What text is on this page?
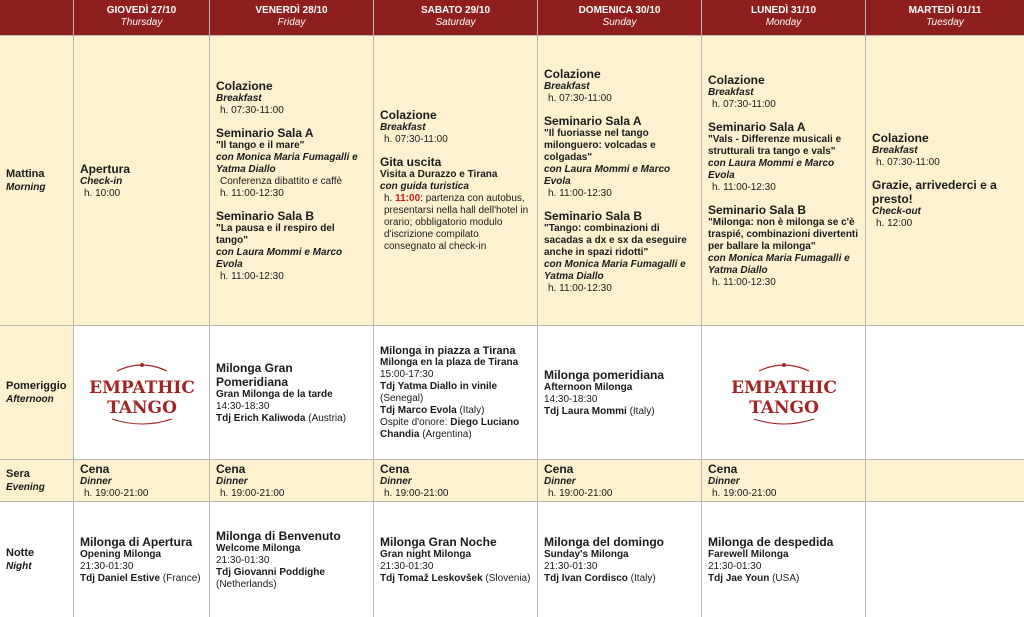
GIOVEDÌ 27/10
Thursday
VENERDÌ 28/10
Friday
SABATO 29/10
Saturday
DOMENICA 30/10
Sunday
LUNEDÌ 31/10
Monday
MARTEDÌ 01/11
Tuesday
Mattina
Morning
Apertura
Check-in
h. 10:00
Colazione
Breakfast
h. 07:30-11:00
Seminario Sala A
"Il tango e il mare"
con Monica Maria Fumagalli e Yatma Diallo
Conferenza dibattito e caffè
h. 11:00-12:30
Seminario Sala B
"La pausa e il respiro del tango"
con Laura Mommi e Marco Evola
h. 11:00-12:30
Colazione
Breakfast
h. 07:30-11:00
Gita uscita
Visita a Durazzo e Tirana
con guida turistica
h. 11:00: partenza con autobus, presentarsi nella hall dell'hotel in orario; obbligatorio modulo d'iscrizione compilato consegnato al check-in
Colazione
Breakfast
h. 07:30-11:00
Seminario Sala A
"Il fuoriasse nel tango milonguero: volcadas e colgadas"
con Laura Mommi e Marco Evola
h. 11:00-12:30
Seminario Sala B
"Tango: combinazioni di sacadas a dx e sx da eseguire anche in spazi ridotti"
con Monica Maria Fumagalli e Yatma Diallo
h. 11:00-12:30
Colazione
Breakfast
h. 07:30-11:00
Seminario Sala A
"Vals - Differenze musicali e strutturali tra tango e vals"
con Laura Mommi e Marco Evola
h. 11:00-12:30
Seminario Sala B
"Milonga: non è milonga se c'è traspié, combinazioni divertenti per ballare la milonga"
con Monica Maria Fumagalli e Yatma Diallo
h. 11:00-12:30
Colazione
Breakfast
h. 07:30-11:00
Grazie, arrivederci e a presto!
Check-out
h. 12:00
Pomeriggio
Afternoon
EMPATHIC
TANGO
Milonga Gran Pomeridiana
Gran Milonga de la tarde
14:30-18:30
Tdj Erich Kaliwoda (Austria)
Milonga in piazza a Tirana
Milonga en la plaza de Tirana
15:00-17:30
Tdj Yatma Diallo in vinile
(Senegal)
Tdj Marco Evola (Italy)
Ospite d'onore: Diego Luciano Chandia (Argentina)
Milonga pomeridiana
Afternoon Milonga
14:30-18:30
Tdj Laura Mommi (Italy)
EMPATHIC
TANGO
Sera
Evening
Cena
Dinner
h. 19:00-21:00
Cena
Dinner
h. 19:00-21:00
Cena
Dinner
h. 19:00-21:00
Cena
Dinner
h. 19:00-21:00
Cena
Dinner
h. 19:00-21:00
Notte
Night
Milonga di Apertura
Opening Milonga
21:30-01:30
Tdj Daniel Estive (France)
Milonga di Benvenuto
Welcome Milonga
21:30-01:30
Tdj Giovanni Poddighe
(Netherlands)
Milonga Gran Noche
Gran night Milonga
21:30-01:30
Tdj Tomaž Leskovšek (Slovenia)
Milonga del domingo
Sunday's Milonga
21:30-01:30
Tdj Ivan Cordisco (Italy)
Milonga de despedida
Farewell Milonga
21:30-01:30
Tdj Jae Youn (USA)
